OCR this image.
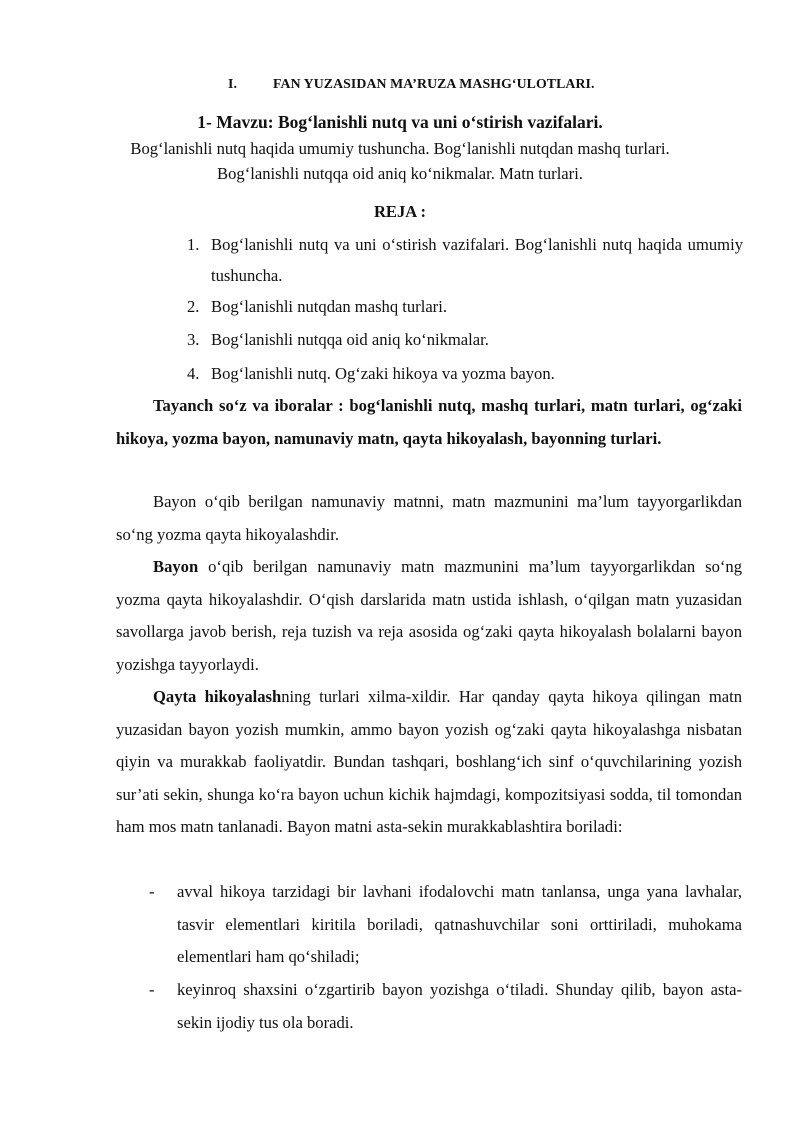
I.	FAN YUZASIDAN MA’RUZA MASHG‘ULOTLARI.
1- Mavzu: Bog‘lanishli nutq va uni o‘stirish vazifalari.
Bog‘lanishli nutq haqida umumiy tushuncha. Bog‘lanishli nutqdan mashq turlari.
Bog‘lanishli nutqqa oid aniq ko‘nikmalar. Matn turlari.
REJA :
1. Bog‘lanishli nutq va uni o‘stirish vazifalari. Bog‘lanishli nutq haqida umumiy tushuncha.
2. Bog‘lanishli nutqdan mashq turlari.
3. Bog‘lanishli nutqqa oid aniq ko‘nikmalar.
4. Bog‘lanishli nutq. Og‘zaki hikoya va yozma bayon.

Tayanch so‘z va iboralar : bog‘lanishli nutq, mashq turlari, matn turlari, og‘zaki hikoya, yozma bayon, namunaviy matn, qayta hikoyalash, bayonning turlari.

Bayon o‘qib berilgan namunaviy matnni, matn mazmunini ma’lum tayyorgarlikdan so‘ng yozma qayta hikoyalashdir.

Bayon o‘qib berilgan namunaviy matn mazmunini ma’lum tayyorgarlikdan so‘ng yozma qayta hikoyalashdir. O‘qish darslarida matn ustida ishlash, o‘qilgan matn yuzasidan savollarga javob berish, reja tuzish va reja asosida og‘zaki qayta hikoyalash bolalarni bayon yozishga tayyorlaydi.

Qayta hikoyalashning turlari xilma-xildir. Har qanday qayta hikoya qilingan matn yuzasidan bayon yozish mumkin, ammo bayon yozish og‘zaki qayta hikoyalashga nisbatan qiyin va murakkab faoliyatdir. Bundan tashqari, boshlang‘ich sinf o‘quvchilarining yozish sur’ati sekin, shunga ko‘ra bayon uchun kichik hajmdagi, kompozitsiyasi sodda, til tomondan ham mos matn tanlanadi. Bayon matni asta-sekin murakkablashtira boriladi:

- avval hikoya tarzidagi bir lavhani ifodalovchi matn tanlansa, unga yana lavhalar, tasvir elementlari kiritila boriladi, qatnashuvchilar soni orttiriladi, muhokama elementlari ham qo‘shiladi;
- keyinroq shaxsini o‘zgartirib bayon yozishga o‘tiladi. Shunday qilib, bayon asta-sekin ijodiy tus ola boradi.
